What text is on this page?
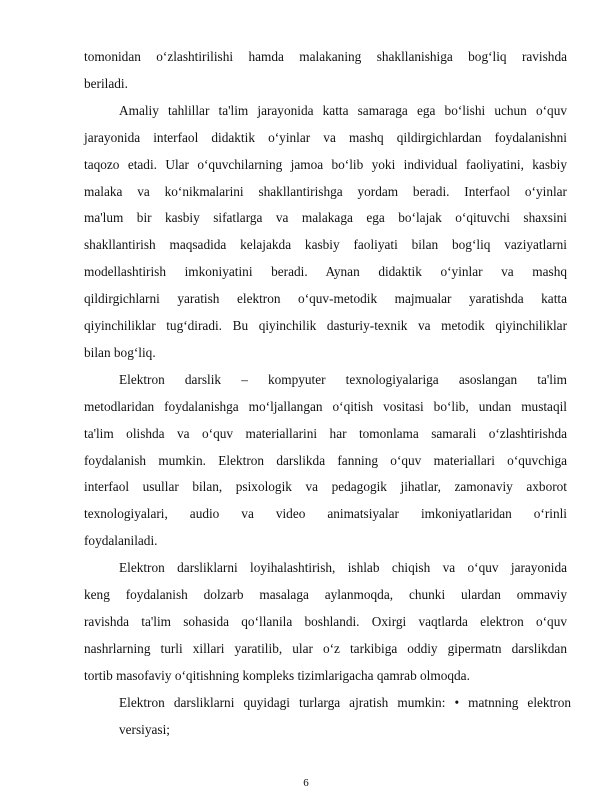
tomonidan o‘zlashtirilishi hamda malakaning shakllanishiga bog‘liq ravishda
beriladi.
Amaliy tahlillar ta'lim jarayonida katta samaraga ega bo‘lishi uchun o‘quv
jarayonida interfaol didaktik o‘yinlar va mashq qildirgichlardan foydalanishni
taqozo etadi. Ular o‘quvchilarning jamoa bo‘lib yoki individual faoliyatini, kasbiy
malaka va ko‘nikmalarini shakllantirishga yordam beradi. Interfaol o‘yinlar
ma'lum bir kasbiy sifatlarga va malakaga ega bo‘lajak o‘qituvchi shaxsini
shakllantirish maqsadida kelajakda kasbiy faoliyati bilan bog‘liq vaziyatlarni
modellashtirish imkoniyatini beradi. Aynan didaktik o‘yinlar va mashq
qildirgichlarni yaratish elektron o‘quv-metodik majmualar yaratishda katta
qiyinchiliklar tug‘diradi. Bu qiyinchilik dasturiy-texnik va metodik qiyinchiliklar
bilan bog‘liq.
Elektron darslik – kompyuter texnologiyalariga asoslangan ta'lim
metodlaridan foydalanishga mo‘ljallangan o‘qitish vositasi bo‘lib, undan mustaqil
ta'lim olishda va o‘quv materiallarini har tomonlama samarali o‘zlashtirishda
foydalanish mumkin. Elektron darslikda fanning o‘quv materiallari o‘quvchiga
interfaol usullar bilan, psixologik va pedagogik jihatlar, zamonaviy axborot
texnologiyalari, audio va video animatsiyalar imkoniyatlaridan o‘rinli
foydalaniladi.
Elektron darsliklarni loyihalashtirish, ishlab chiqish va o‘quv jarayonida
keng foydalanish dolzarb masalaga aylanmoqda, chunki ulardan ommaviy
ravishda ta'lim sohasida qo‘llanila boshlandi. Oxirgi vaqtlarda elektron o‘quv
nashrlarning turli xillari yaratilib, ular o‘z tarkibiga oddiy gipermatn darslikdan
tortib masofaviy o‘qitishning kompleks tizimlarigacha qamrab olmoqda.
Elektron darsliklarni quyidagi turlarga ajratish mumkin: • matnning elektron
versiyasi;
6
